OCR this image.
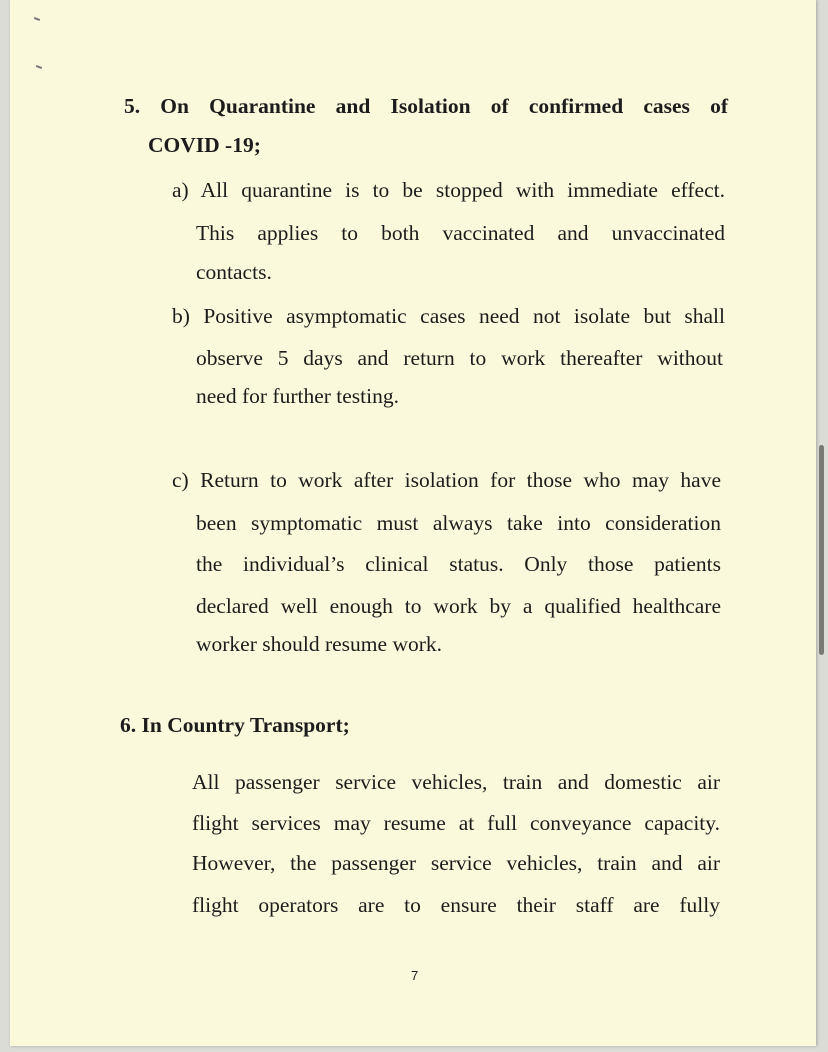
5. On Quarantine and Isolation of confirmed cases of
COVID -19;
a) All quarantine is to be stopped with immediate effect.
This applies to both vaccinated and unvaccinated
contacts.
b) Positive asymptomatic cases need not isolate but shall
observe 5 days and return to work thereafter without
need for further testing.
c) Return to work after isolation for those who may have
been symptomatic must always take into consideration
the individual’s clinical status. Only those patients
declared well enough to work by a qualified healthcare
worker should resume work.
6. In Country Transport;
All passenger service vehicles, train and domestic air
flight services may resume at full conveyance capacity.
However, the passenger service vehicles, train and air
flight operators are to ensure their staff are fully
7
